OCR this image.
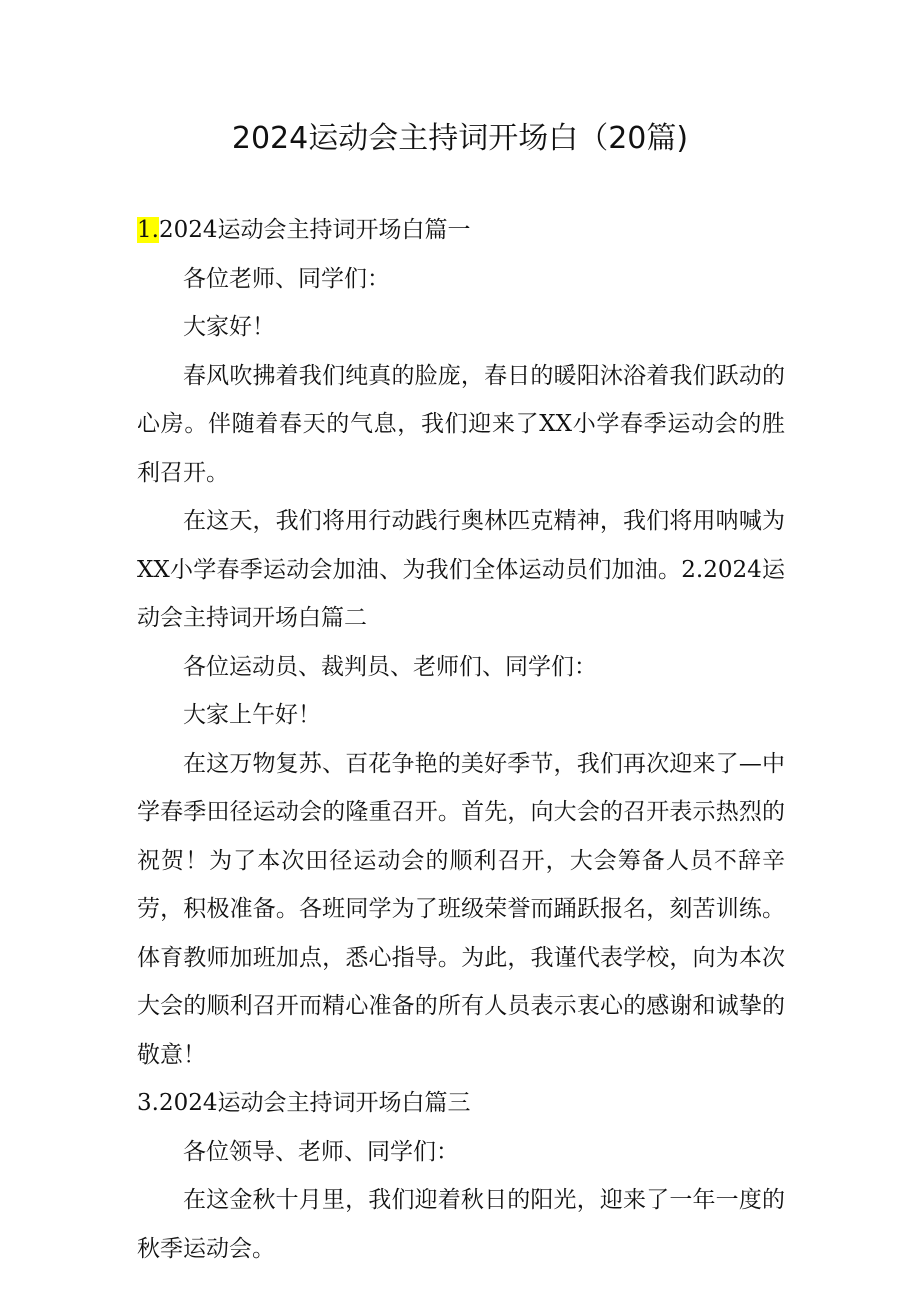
2024运动会主持词开场白（20篇)

1.2024运动会主持词开场白篇一

各位老师、同学们：

大家好！

春风吹拂着我们纯真的脸庞，春日的暖阳沐浴着我们跃动的心房。伴随着春天的气息，我们迎来了XX小学春季运动会的胜利召开。

在这天，我们将用行动践行奥林匹克精神，我们将用呐喊为XX小学春季运动会加油、为我们全体运动员们加油。2.2024运动会主持词开场白篇二

各位运动员、裁判员、老师们、同学们：

大家上午好！

在这万物复苏、百花争艳的美好季节，我们再次迎来了—中学春季田径运动会的隆重召开。首先，向大会的召开表示热烈的祝贺！为了本次田径运动会的顺利召开，大会筹备人员不辞辛劳，积极准备。各班同学为了班级荣誉而踊跃报名，刻苦训练。体育教师加班加点，悉心指导。为此，我谨代表学校，向为本次大会的顺利召开而精心准备的所有人员表示衷心的感谢和诚挚的敬意！

3.2024运动会主持词开场白篇三

各位领导、老师、同学们：

在这金秋十月里，我们迎着秋日的阳光，迎来了一年一度的秋季运动会。
